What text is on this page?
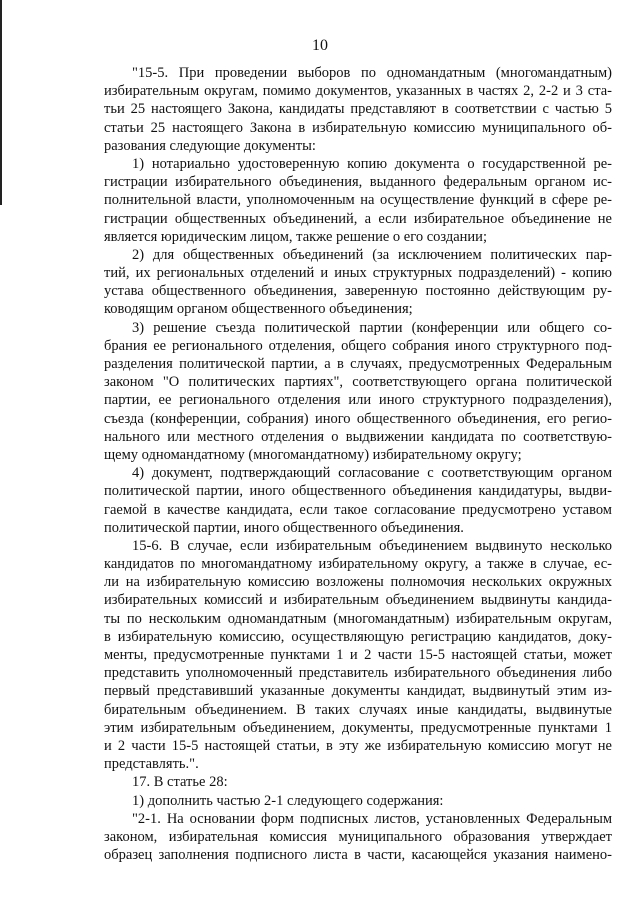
10
"15-5. При проведении выборов по одномандатным (многомандатным)
избирательным округам, помимо документов, указанных в частях 2, 2-2 и 3 ста-
тьи 25 настоящего Закона, кандидаты представляют в соответствии с частью 5
статьи 25 настоящего Закона в избирательную комиссию муниципального об-
разования следующие документы:
1) нотариально удостоверенную копию документа о государственной ре-
гистрации избирательного объединения, выданного федеральным органом ис-
полнительной власти, уполномоченным на осуществление функций в сфере ре-
гистрации общественных объединений, а если избирательное объединение не
является юридическим лицом, также решение о его создании;
2) для общественных объединений (за исключением политических пар-
тий, их региональных отделений и иных структурных подразделений) - копию
устава общественного объединения, заверенную постоянно действующим ру-
ководящим органом общественного объединения;
3) решение съезда политической партии (конференции или общего со-
брания ее регионального отделения, общего собрания иного структурного под-
разделения политической партии, а в случаях, предусмотренных Федеральным
законом "О политических партиях", соответствующего органа политической
партии, ее регионального отделения или иного структурного подразделения),
съезда (конференции, собрания) иного общественного объединения, его регио-
нального или местного отделения о выдвижении кандидата по соответствую-
щему одномандатному (многомандатному) избирательному округу;
4) документ, подтверждающий согласование с соответствующим органом
политической партии, иного общественного объединения кандидатуры, выдви-
гаемой в качестве кандидата, если такое согласование предусмотрено уставом
политической партии, иного общественного объединения.
15-6. В случае, если избирательным объединением выдвинуто несколько
кандидатов по многомандатному избирательному округу, а также в случае, ес-
ли на избирательную комиссию возложены полномочия нескольких окружных
избирательных комиссий и избирательным объединением выдвинуты кандида-
ты по нескольким одномандатным (многомандатным) избирательным округам,
в избирательную комиссию, осуществляющую регистрацию кандидатов, доку-
менты, предусмотренные пунктами 1 и 2 части 15-5 настоящей статьи, может
представить уполномоченный представитель избирательного объединения либо
первый представивший указанные документы кандидат, выдвинутый этим из-
бирательным объединением. В таких случаях иные кандидаты, выдвинутые
этим избирательным объединением, документы, предусмотренные пунктами 1
и 2 части 15-5 настоящей статьи, в эту же избирательную комиссию могут не
представлять.".
17. В статье 28:
1) дополнить частью 2-1 следующего содержания:
"2-1. На основании форм подписных листов, установленных Федеральным
законом, избирательная комиссия муниципального образования утверждает
образец заполнения подписного листа в части, касающейся указания наимено-
